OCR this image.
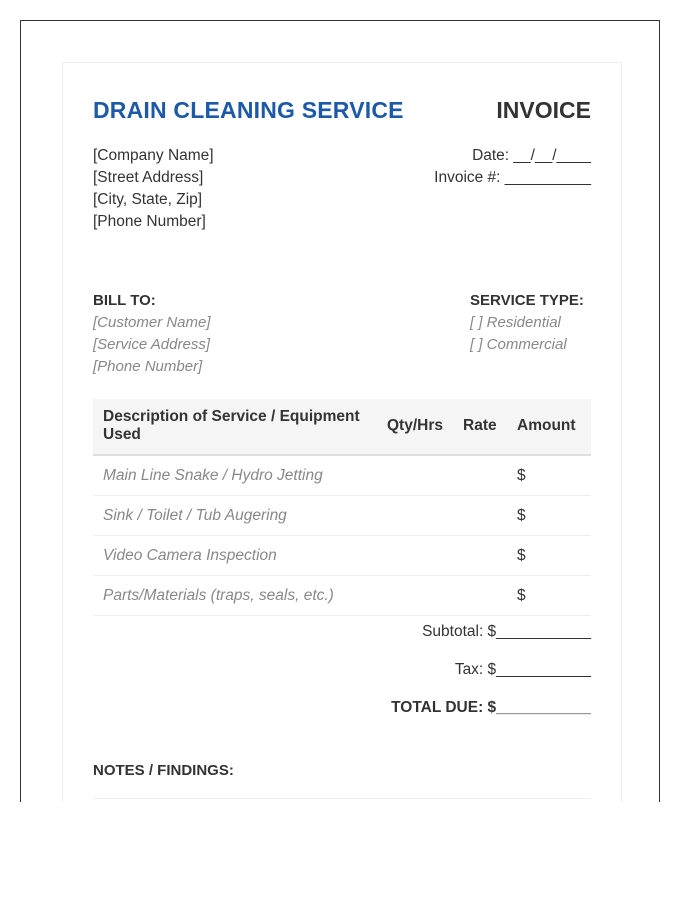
DRAIN CLEANING SERVICE	INVOICE
[Company Name]
[Street Address]
[City, State, Zip]
[Phone Number]
Date: __/__/____
Invoice #: __________
BILL TO:
[Customer Name]
[Service Address]
[Phone Number]
SERVICE TYPE:
[ ] Residential
[ ] Commercial
Description of Service / Equipment Used	Qty/Hrs	Rate	Amount
Main Line Snake / Hydro Jetting			$
Sink / Toilet / Tub Augering			$
Video Camera Inspection			$
Parts/Materials (traps, seals, etc.)			$
Subtotal: $___________
Tax: $___________
TOTAL DUE: $___________
NOTES / FINDINGS:
